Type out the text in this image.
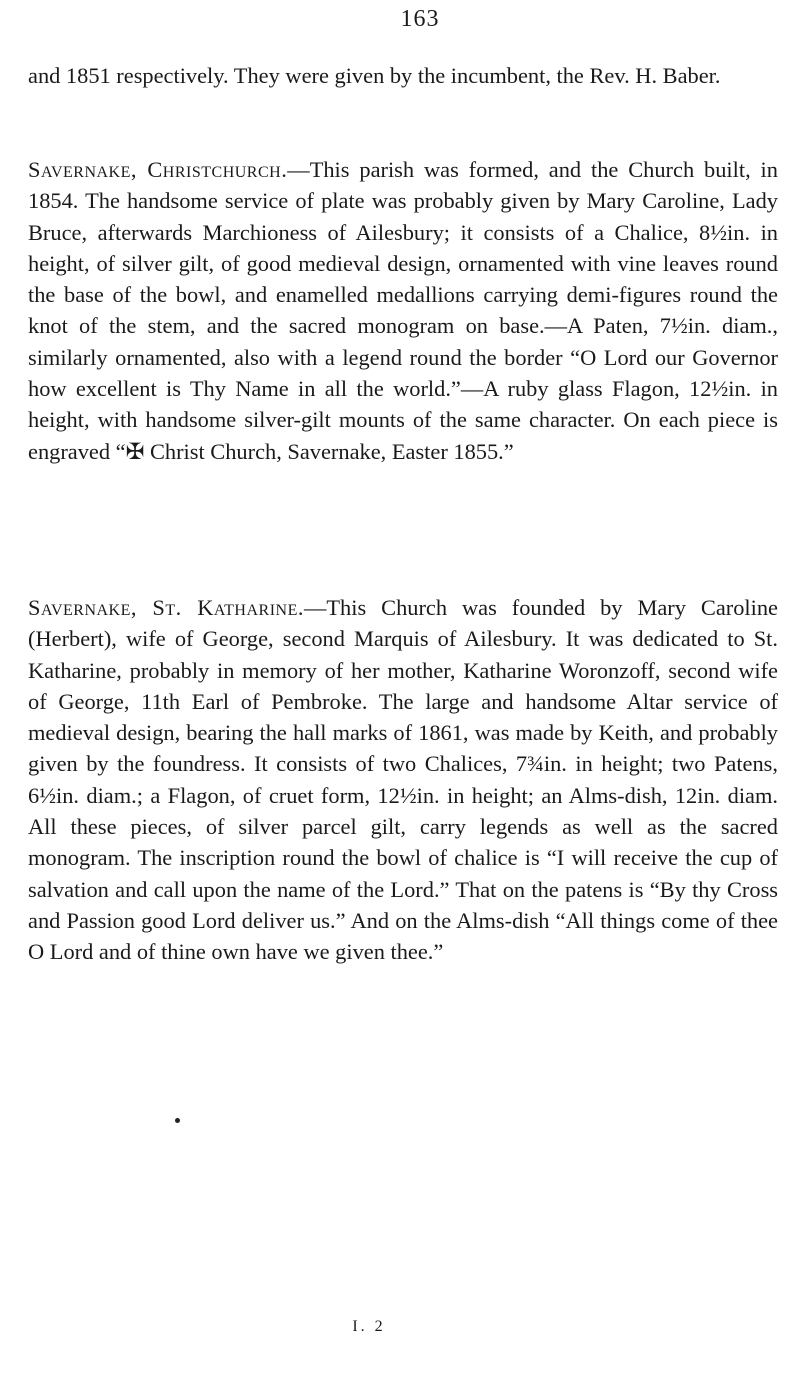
163

and 1851 respectively. They were given by the incumbent, the Rev. H. Baber.

Savernake, Christchurch.—This parish was formed, and the Church built, in 1854. The handsome service of plate was probably given by Mary Caroline, Lady Bruce, afterwards Marchioness of Ailesbury; it consists of a Chalice, 8½in. in height, of silver gilt, of good medieval design, ornamented with vine leaves round the base of the bowl, and enamelled medallions carrying demi-figures round the knot of the stem, and the sacred monogram on base.—A Paten, 7½in. diam., similarly ornamented, also with a legend round the border “O Lord our Governor how excellent is Thy Name in all the world.”—A ruby glass Flagon, 12½in. in height, with handsome silver-gilt mounts of the same character. On each piece is engraved “✠ Christ Church, Savernake, Easter 1855.”

Savernake, St. Katharine.—This Church was founded by Mary Caroline (Herbert), wife of George, second Marquis of Ailesbury. It was dedicated to St. Katharine, probably in memory of her mother, Katharine Woronzoff, second wife of George, 11th Earl of Pembroke. The large and handsome Altar service of medieval design, bearing the hall marks of 1861, was made by Keith, and probably given by the foundress. It consists of two Chalices, 7¾in. in height; two Patens, 6½in. diam.; a Flagon, of cruet form, 12½in. in height; an Alms-dish, 12in. diam. All these pieces, of silver parcel gilt, carry legends as well as the sacred monogram. The inscription round the bowl of chalice is “I will receive the cup of salvation and call upon the name of the Lord.” That on the patens is “By thy Cross and Passion good Lord deliver us.” And on the Alms-dish “All things come of thee O Lord and of thine own have we given thee.”

I. 2
